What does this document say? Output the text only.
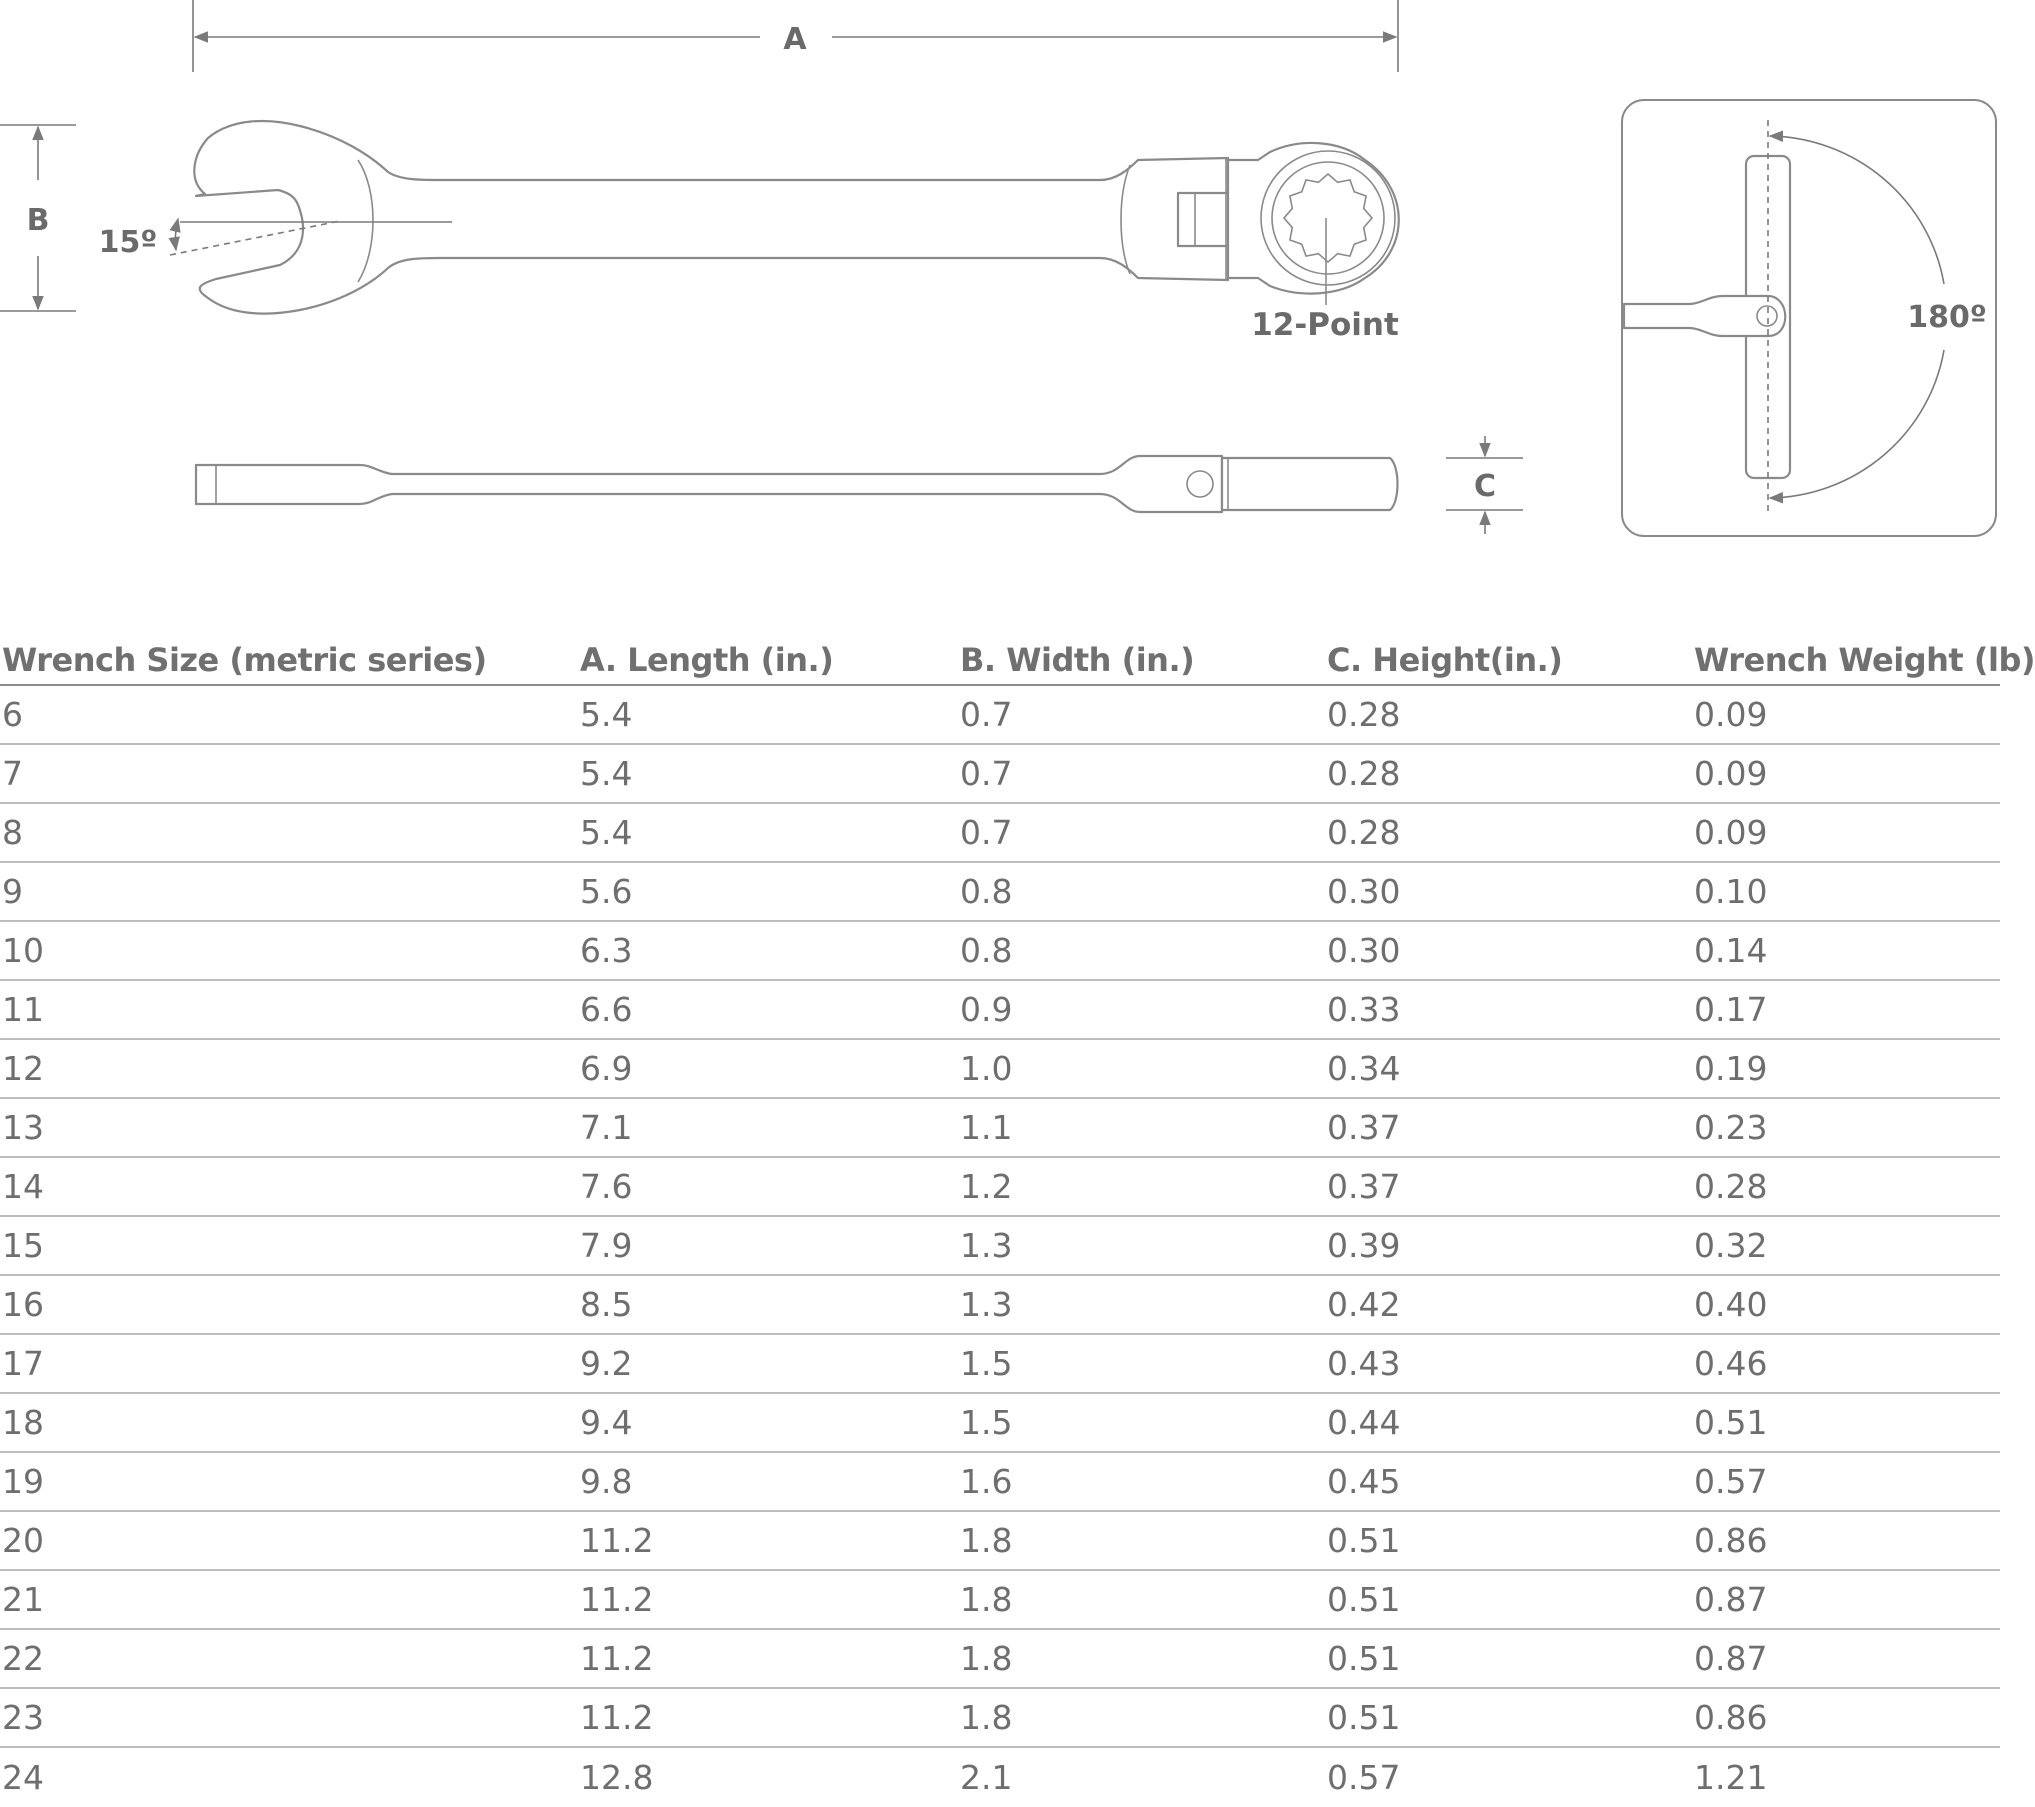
A
B
12-Point
15º
C
180º
Wrench Size (metric series)	A. Length (in.)	B. Width (in.)	C. Height(in.)	Wrench Weight (lb)
6	5.4	0.7	0.28	0.09
7	5.4	0.7	0.28	0.09
8	5.4	0.7	0.28	0.09
9	5.6	0.8	0.30	0.10
10	6.3	0.8	0.30	0.14
11	6.6	0.9	0.33	0.17
12	6.9	1.0	0.34	0.19
13	7.1	1.1	0.37	0.23
14	7.6	1.2	0.37	0.28
15	7.9	1.3	0.39	0.32
16	8.5	1.3	0.42	0.40
17	9.2	1.5	0.43	0.46
18	9.4	1.5	0.44	0.51
19	9.8	1.6	0.45	0.57
20	11.2	1.8	0.51	0.86
21	11.2	1.8	0.51	0.87
22	11.2	1.8	0.51	0.87
23	11.2	1.8	0.51	0.86
24	12.8	2.1	0.57	1.21
